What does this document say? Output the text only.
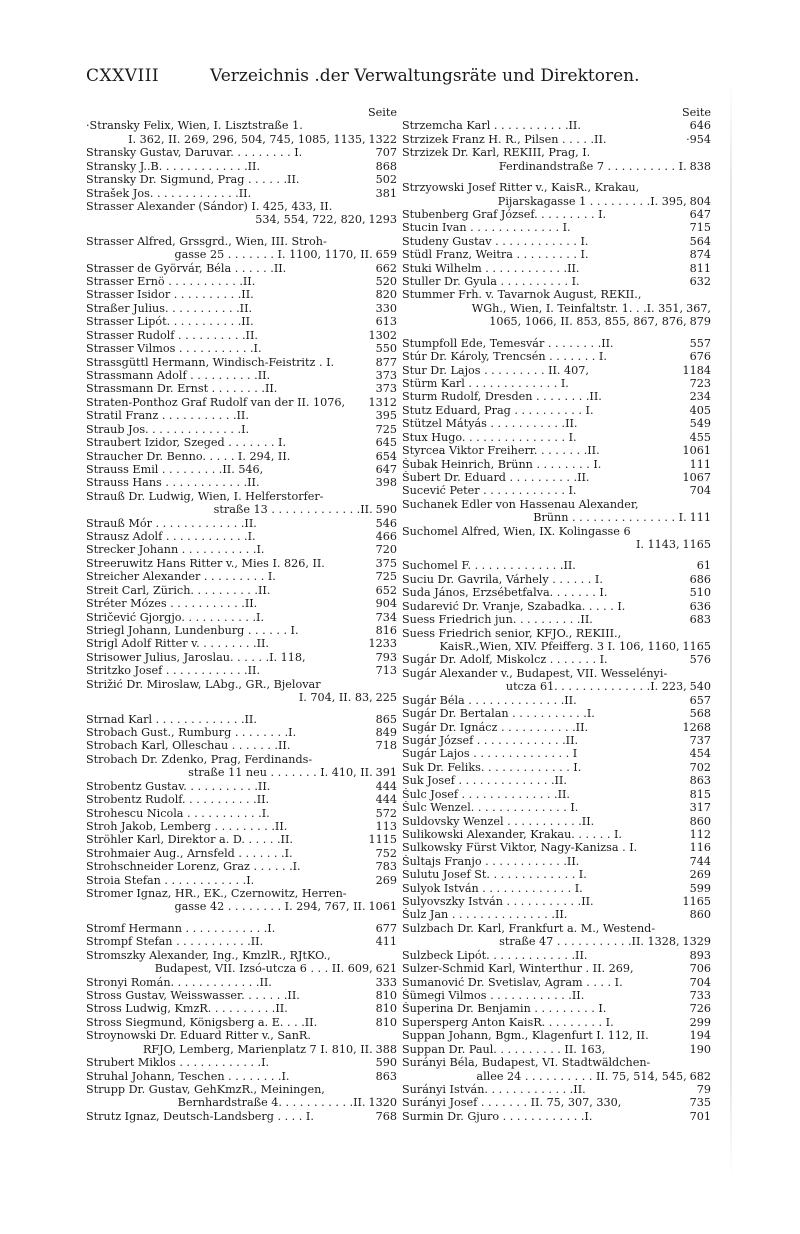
CXXVIII	Verzeichnis .der Verwaltungsräte und Direktoren.
Seite
·Stransky Felix, Wien, I. Lisztstraße 1.
I. 362, II. 269, 296, 504, 745, 1085, 1135, 1322
Stransky Gustav, Daruvar. . . . . . . . . I.	707
Stransky J..B. . . . . . . . . . . . .II.	868
Stransky Dr. Sigmund, Prag . . . . . .II.	502
Strašek Jos. . . . . . . . . . . . .II.	381
Strasser Alexander (Sándor) I. 425, 433, II.
534, 554, 722, 820, 1293
Strasser Alfred, Grssgrd., Wien, III. Stroh-
gasse 25 . . . . . . . I. 1100, 1170, II. 659
Strasser de Györvár, Béla . . . . . .II.	662
Strasser Ernö . . . . . . . . . . .II.	520
Strasser Isidor . . . . . . . . . .II.	820
Straßer Julius. . . . . . . . . . .II.	330
Strasser Lipót. . . . . . . . . . .II.	613
Strasser Rudolf . . . . . . . . . .II.	1302
Strasser Vilmos . . . . . . . . . . .I.	550
Strassgüttl Hermann, Windisch-Feistritz . I.	877
Strassmann Adolf . . . . . . . . . .II.	373
Strassmann Dr. Ernst . . . . . . . .II.	373
Straten-Ponthoz Graf Rudolf van der II. 1076,	1312
Stratil Franz . . . . . . . . . . .II.	395
Straub Jos. . . . . . . . . . . . . .I.	725
Straubert Izidor, Szeged . . . . . . . I.	645
Straucher Dr. Benno. . . . . I. 294, II.	654
Strauss Emil . . . . . . . . .II. 546,	647
Strauss Hans . . . . . . . . . . . .II.	398
Strauß Dr. Ludwig, Wien, I. Helferstorfer-
straße 13 . . . . . . . . . . . . .II. 590
Strauß Mór . . . . . . . . . . . . .II.	546
Strausz Adolf . . . . . . . . . . . .I.	466
Strecker Johann . . . . . . . . . . .I.	720
Streeruwitz Hans Ritter v., Mies I. 826, II.	375
Streicher Alexander . . . . . . . . . I.	725
Streit Carl, Zürich. . . . . . . . . .II.	652
Stréter Mózes . . . . . . . . . . .II.	904
Stričević Gjorgjo. . . . . . . . . . .I.	734
Striegl Johann, Lundenburg . . . . . . I.	816
Strigl Adolf Ritter v. . . . . . . . .II.	1233
Strisower Julius, Jaroslau. . . . . .I. 118,	793
Stritzko Josef . . . . . . . . . . . .II.	713
Strižić Dr. Miroslaw, LAbg., GR., Bjelovar
I. 704, II. 83, 225
Strnad Karl . . . . . . . . . . . . .II.	865
Strobach Gust., Rumburg . . . . . . . .I.	849
Strobach Karl, Olleschau . . . . . . .II.	718
Strobach Dr. Zdenko, Prag, Ferdinands-
straße 11 neu . . . . . . . I. 410, II. 391
Strobentz Gustav. . . . . . . . . . .II.	444
Strobentz Rudolf. . . . . . . . . . .II.	444
Strohescu Nicola . . . . . . . . . . .I.	572
Stroh Jakob, Lemberg . . . . . . . . .II.	113
Ströhler Karl, Direktor a. D. . . . . .II.	1115
Strohmaier Aug., Arnsfeld . . . . . . .I.	752
Strohschneider Lorenz, Graz . . . . . .I.	783
Stroia Stefan . . . . . . . . . . . .I.	269
Stromer Ignaz, HR., EK., Czernowitz, Herren-
gasse 42 . . . . . . . . I. 294, 767, II. 1061
Stromf Hermann . . . . . . . . . . . .I.	677
Strompf Stefan . . . . . . . . . . .II.	411
Stromszky Alexander, Ing., KmzlR., RJtKO.,
Budapest, VII. Izsó-utcza 6 . . . II. 609, 621
Stronyi Román. . . . . . . . . . . . .II.	333
Stross Gustav, Weisswasser. . . . . . .II.	810
Stross Ludwig, KmzR. . . . . . . . . .II.	810
Stross Siegmund, Königsberg a. E. . . .II.	810
Stroynowski Dr. Eduard Ritter v., SanR.
RFJO, Lemberg, Marienplatz 7 I. 810, II. 388
Strubert Miklos . . . . . . . . . . . .I.	590
Struhal Johann, Teschen . . . . . . . .I.	863
Strupp Dr. Gustav, GehKmzR., Meiningen,
Bernhardstraße 4. . . . . . . . . . .II. 1320
Strutz Ignaz, Deutsch-Landsberg . . . . I.	768
Seite
Strzemcha Karl . . . . . . . . . . .II.	646
Strzizek Franz H. R., Pilsen . . . . .II.	·954
Strzizek Dr. Karl, REKIII, Prag, I.
Ferdinandstraße 7 . . . . . . . . . . I. 838
Strzyowski Josef Ritter v., KaisR., Krakau,
Pijarskagasse 1 . . . . . . . . .I. 395, 804
Stubenberg Graf József. . . . . . . . . I.	647
Stucin Ivan . . . . . . . . . . . . . I.	715
Studeny Gustav . . . . . . . . . . . . I.	564
Stüdl Franz, Weitra . . . . . . . . . I.	874
Stuki Wilhelm . . . . . . . . . . . .II.	811
Stuller Dr. Gyula . . . . . . . . . . I.	632
Stummer Frh. v. Tavarnok August, REKII.,
WGh., Wien, I. Teinfaltstr. 1. . .I. 351, 367,
1065, 1066, II. 853, 855, 867, 876, 879
Stumpfoll Ede, Temesvár . . . . . . . .II.	557
Stúr Dr. Károly, Trencsén . . . . . . . I.	676
Stur Dr. Lajos . . . . . . . . . II. 407,	1184
Stürm Karl . . . . . . . . . . . . . I.	723
Sturm Rudolf, Dresden . . . . . . . .II.	234
Stutz Eduard, Prag . . . . . . . . . . I.	405
Stützel Mátyás . . . . . . . . . . .II.	549
Stux Hugo. . . . . . . . . . . . . . . I.	455
Styrcea Viktor Freiherr. . . . . . . .II.	1061
Šubak Heinrich, Brünn . . . . . . . . I.	111
Šubert Dr. Eduard . . . . . . . . . .II.	1067
Sucević Peter . . . . . . . . . . . . I.	704
Suchanek Edler von Hassenau Alexander,
Brünn . . . . . . . . . . . . . . . I. 111
Suchomel Alfred, Wien, IX. Kolingasse 6
I. 1143, 1165
Suchomel F. . . . . . . . . . . . . .II.	61
Suciu Dr. Gavrila, Várhely . . . . . . I.	686
Suda János, Erzsébetfalva. . . . . . . I.	510
Sudarević Dr. Vranje, Szabadka. . . . . I.	636
Suess Friedrich jun. . . . . . . . . .II.	683
Suess Friedrich senior, KFJO., REKIII.,
KaisR.,Wien, XIV. Pfeifferg. 3 I. 106, 1160, 1165
Sugár Dr. Adolf, Miskolcz . . . . . . . I.	576
Sugár Alexander v., Budapest, VII. Wesselényi-
utcza 61. . . . . . . . . . . . . .I. 223, 540
Sugár Béla . . . . . . . . . . . . . .II.	657
Sugár Dr. Bertalan . . . . . . . . . . .I.	568
Sugár Dr. Ignácz . . . . . . . . . . .II.	1268
Sugár József . . . . . . . . . . . . .II.	737
Sugár Lajos . . . . . . . . . . . . . . I	454
Suk Dr. Feliks. . . . . . . . . . . . . I.	702
Suk Josef . . . . . . . . . . . . . .II.	863
Šulc Josef . . . . . . . . . . . . . .II.	815
Šulc Wenzel. . . . . . . . . . . . . . I.	317
Suldovsky Wenzel . . . . . . . . . . .II.	860
Sulikowski Alexander, Krakau. . . . . . I.	112
Sulkowsky Fürst Viktor, Nagy-Kanizsa . I.	116
Šultajs Franjo . . . . . . . . . . . .II.	744
Sulutu Josef St. . . . . . . . . . . . . I.	269
Sulyok István . . . . . . . . . . . . . I.	599
Sulyovszky István . . . . . . . . . . .II.	1165
Šulz Jan . . . . . . . . . . . . . . .II.	860
Sulzbach Dr. Karl, Frankfurt a. M., Westend-
straße 47 . . . . . . . . . . .II. 1328, 1329
Sulzbeck Lipót. . . . . . . . . . . . .II.	893
Sulzer-Schmid Karl, Winterthur . II. 269,	706
Sumanović Dr. Svetislav, Agram . . . . I.	704
Šümegi Vilmos . . . . . . . . . . . .II.	733
Šuperina Dr. Benjamin . . . . . . . . . I.	726
Supersperg Anton KaisR. . . . . . . . . I.	299
Suppan Johann, Bgm., Klagenfurt I. 112, II.	194
Suppan Dr. Paul. . . . . . . . . . II. 163,	190
Surányi Béla, Budapest, VI. Stadtwäldchen-
allee 24 . . . . . . . . . . II. 75, 514, 545, 682
Surányi István. . . . . . . . . . . . .II.	79
Surányi Josef . . . . . . . II. 75, 307, 330,	735
Surmin Dr. Gjuro . . . . . . . . . . . .I.	701
